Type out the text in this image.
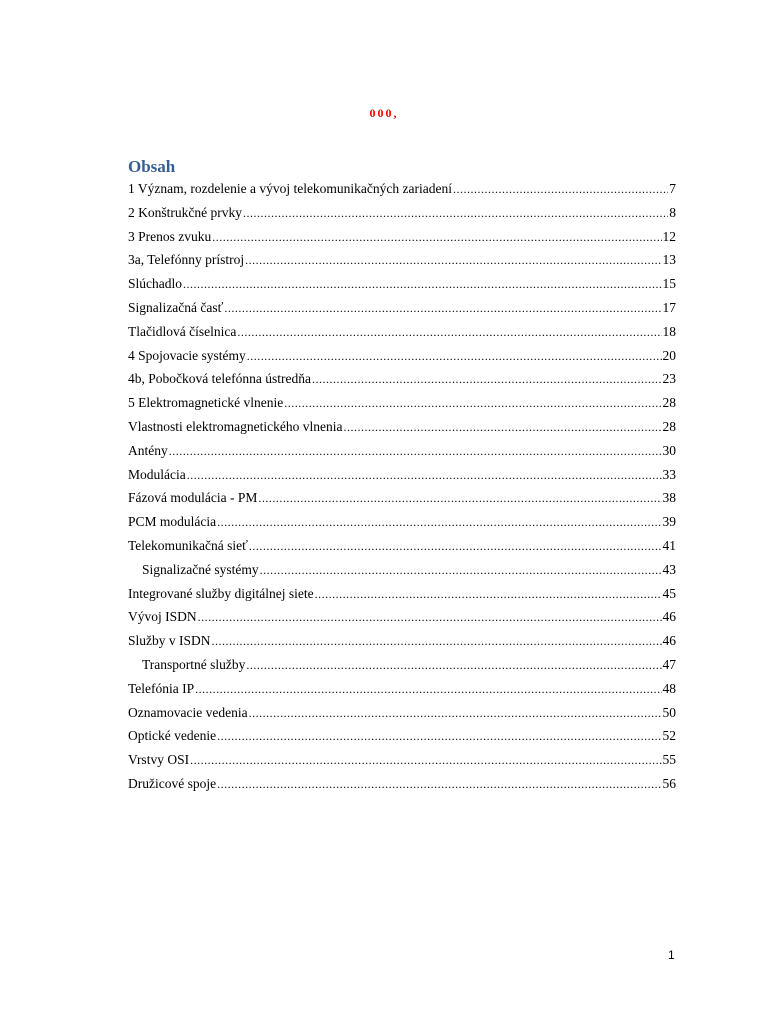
000,
Obsah
1 Význam, rozdelenie a vývoj telekomunikačných zariadení .....	7
2 Konštrukčné prvky .....	8
3 Prenos zvuku .....	12
3a, Telefónny prístroj .....	13
Slúchadlo .....	15
Signalizačná časť .....	17
Tlačidlová číselnica .....	18
4 Spojovacie systémy .....	20
4b, Pobočková telefónna ústredňa .....	23
5 Elektromagnetické vlnenie .....	28
Vlastnosti elektromagnetického vlnenia .....	28
Antény .....	30
Modulácia .....	33
Fázová modulácia - PM .....	38
PCM modulácia .....	39
Telekomunikačná sieť .....	41
Signalizačné systémy .....	43
Integrované služby digitálnej siete .....	45
Vývoj ISDN .....	46
Služby v ISDN .....	46
Transportné služby .....	47
Telefónia IP .....	48
Oznamovacie vedenia .....	50
Optické vedenie .....	52
Vrstvy OSI .....	55
Družicové spoje .....	56
1
